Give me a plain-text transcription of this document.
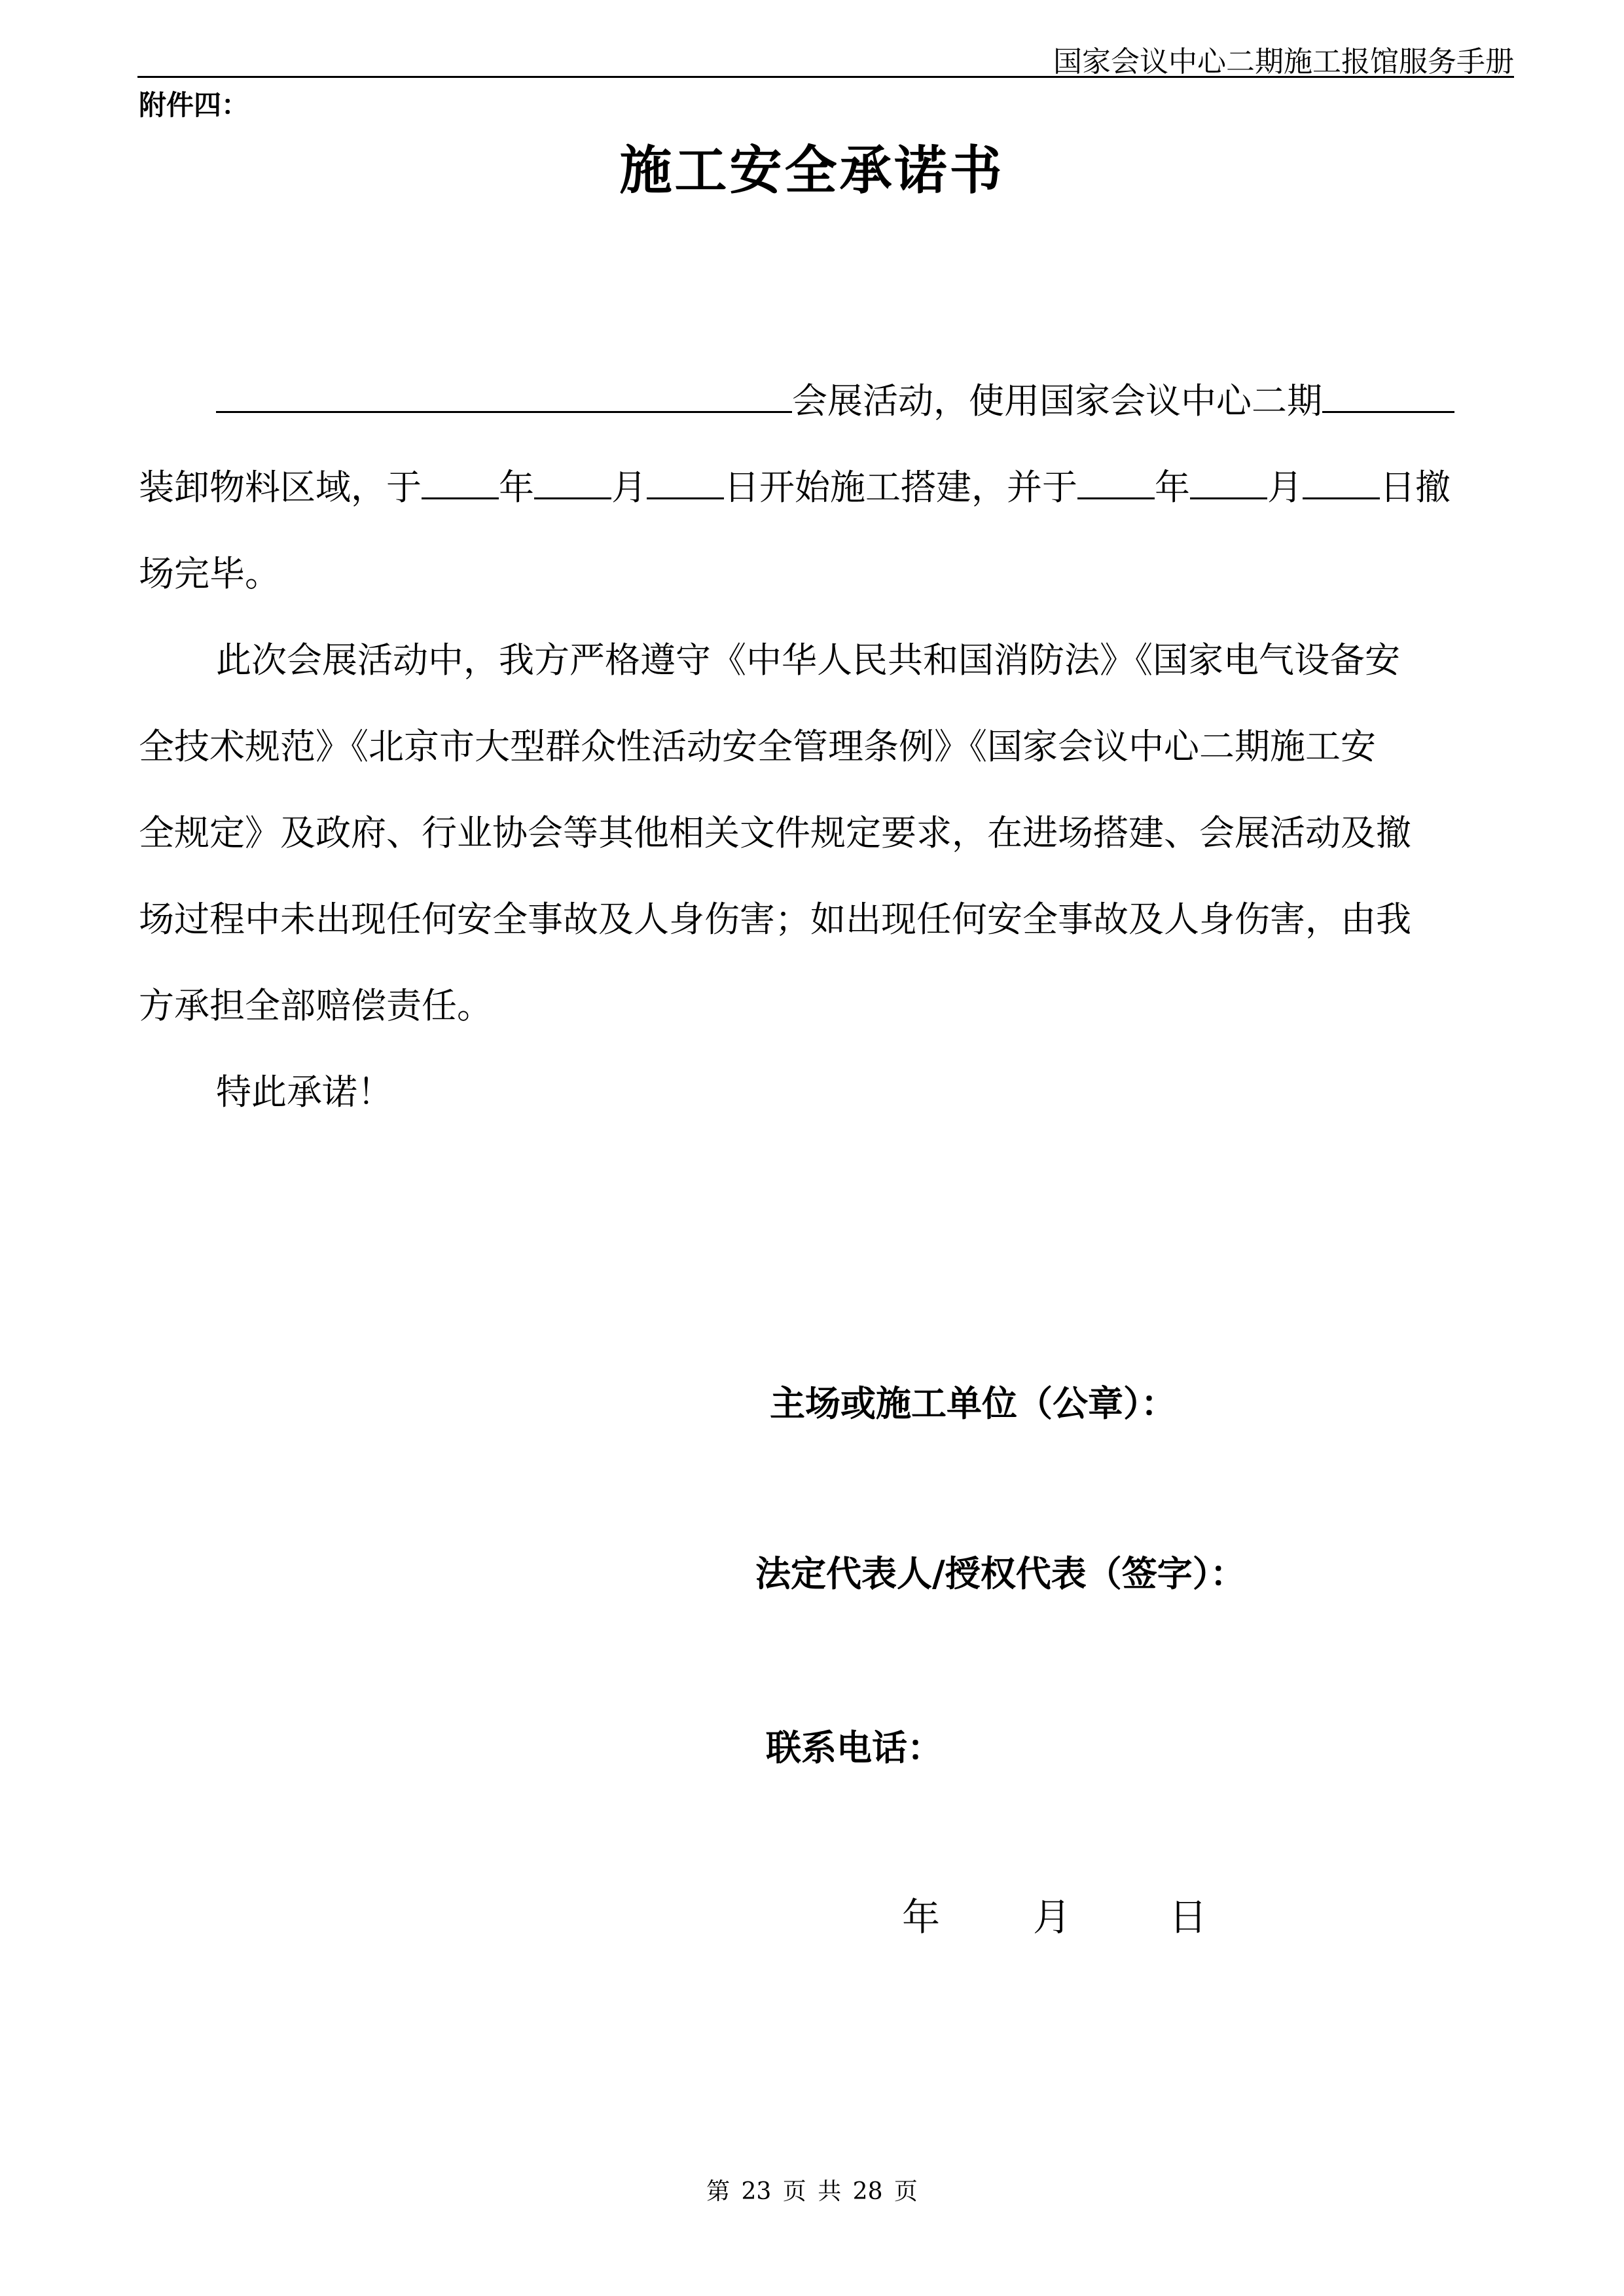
国家会议中心二期施工报馆服务手册
附件四：
施工安全承诺书
会展活动，使用国家会议中心二期
装卸物料区域，于 年 月 日开始施工搭建，并于 年 月 日撤
场完毕。
此次会展活动中，我方严格遵守《中华人民共和国消防法》《国家电气设备安
全技术规范》《北京市大型群众性活动安全管理条例》《国家会议中心二期施工安
全规定》及政府、行业协会等其他相关文件规定要求，在进场搭建、会展活动及撤
场过程中未出现任何安全事故及人身伤害；如出现任何安全事故及人身伤害，由我
方承担全部赔偿责任。
特此承诺！
主场或施工单位（公章）：
法定代表人/授权代表（签字）：
联系电话：
年 月	日
第 23 页 共 28 页
